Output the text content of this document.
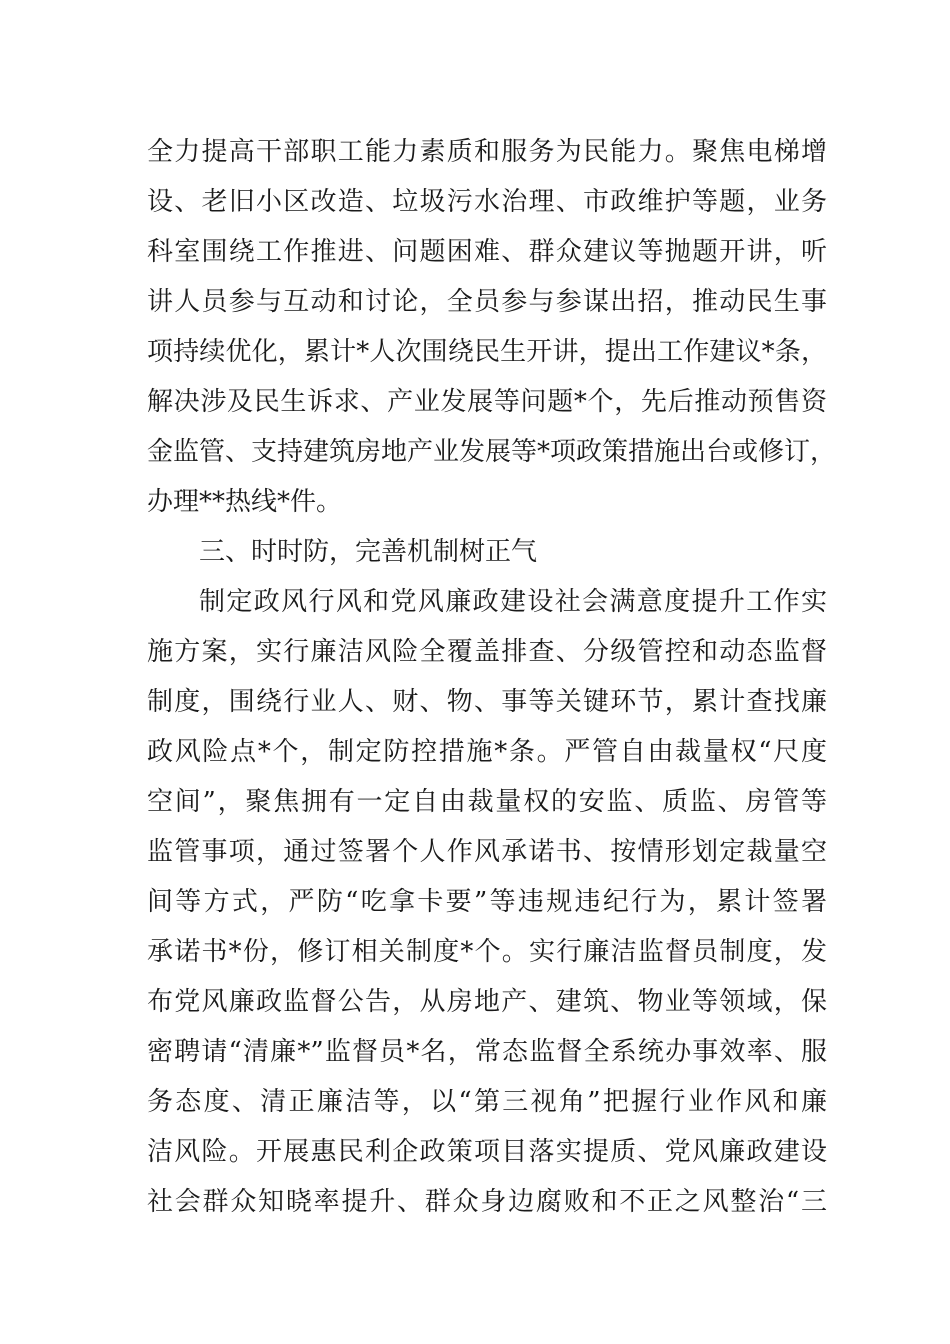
全力提高干部职工能力素质和服务为民能力。聚焦电梯增
设、老旧小区改造、垃圾污水治理、市政维护等题，业务
科室围绕工作推进、问题困难、群众建议等抛题开讲，听
讲人员参与互动和讨论，全员参与参谋出招，推动民生事
项持续优化，累计*人次围绕民生开讲，提出工作建议*条，
解决涉及民生诉求、产业发展等问题*个，先后推动预售资
金监管、支持建筑房地产业发展等*项政策措施出台或修订，
办理**热线*件。
三、时时防，完善机制树正气
制定政风行风和党风廉政建设社会满意度提升工作实
施方案，实行廉洁风险全覆盖排查、分级管控和动态监督
制度，围绕行业人、财、物、事等关键环节，累计查找廉
政风险点*个，制定防控措施*条。严管自由裁量权“尺度
空间”，聚焦拥有一定自由裁量权的安监、质监、房管等
监管事项，通过签署个人作风承诺书、按情形划定裁量空
间等方式，严防“吃拿卡要”等违规违纪行为，累计签署
承诺书*份，修订相关制度*个。实行廉洁监督员制度，发
布党风廉政监督公告，从房地产、建筑、物业等领域，保
密聘请“清廉*”监督员*名，常态监督全系统办事效率、服
务态度、清正廉洁等，以“第三视角”把握行业作风和廉
洁风险。开展惠民利企政策项目落实提质、党风廉政建设
社会群众知晓率提升、群众身边腐败和不正之风整治“三
